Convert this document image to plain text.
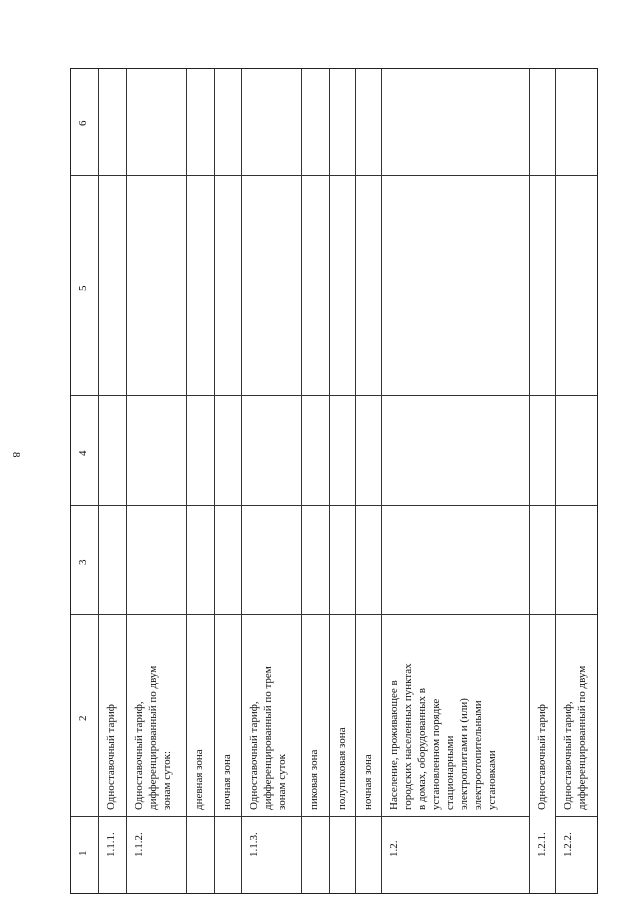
8
1
2
3
4
5
6
1.1.1.
Одноставочный тариф
1.1.2.
Одноставочный тариф, дифференцированный по двум зонам суток: дневная зона ночная зона
1.1.3.
Одноставочный тариф, дифференцированный по трем зонам суток пиковая зона полупиковая зона ночная зона
1.2.
Население, проживающее в городских населенных пунктах в домах, оборудованных в установленном порядке стационарными электроплитами и (или) электроотопительными установками
1.2.1.
Одноставочный тариф
1.2.2.
Одноставочный тариф, дифференцированный по двум
